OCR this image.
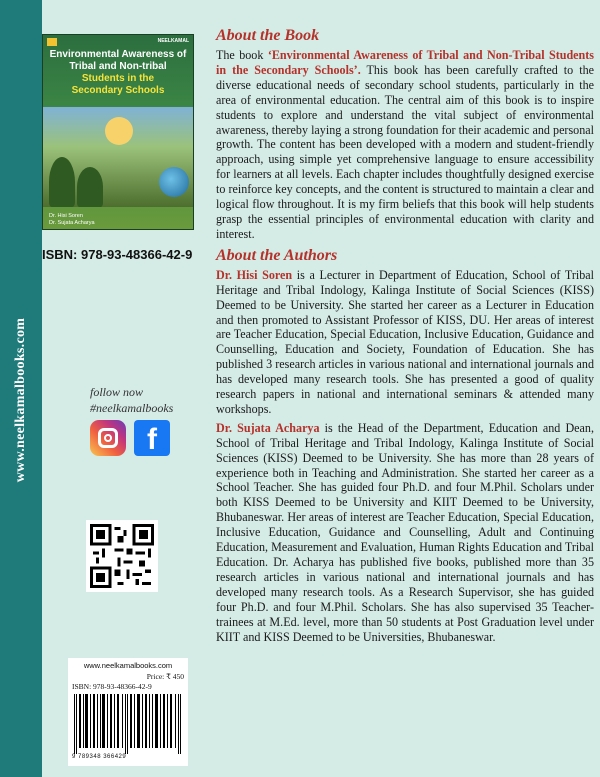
www.neelkamalbooks.com
NEELKAMAL
Environmental Awareness of
Tribal and Non-tribal
Students in the
Secondary Schools
Dr. Hisi Soren
Dr. Sujata Acharya
ISBN: 978-93-48366-42-9
follow now
#neelkamalbooks
f
www.neelkamalbooks.com
Price: ₹ 450
ISBN: 978-93-48366-42-9
9 789348 366429
About the Book

The book ‘Environmental Awareness of Tribal and Non-Tribal Students in the Secondary Schools’. This book has been carefully crafted to the diverse educational needs of secondary school students, particularly in the area of environmental education. The central aim of this book is to inspire students to explore and understand the vital subject of environmental awareness, thereby laying a strong foundation for their academic and personal growth. The content has been developed with a modern and student-friendly approach, using simple yet comprehensive language to ensure accessibility for learners at all levels. Each chapter includes thoughtfully designed exercise to reinforce key concepts, and the content is structured to maintain a clear and logical flow throughout. It is my firm beliefs that this book will help students grasp the essential principles of environmental education with clarity and interest.

About the Authors

Dr. Hisi Soren is a Lecturer in Department of Education, School of Tribal Heritage and Tribal Indology, Kalinga Institute of Social Sciences (KISS) Deemed to be University. She started her career as a Lecturer in Education and then promoted to Assistant Professor of KISS, DU. Her areas of interest are Teacher Education, Special Education, Inclusive Education, Guidance and Counselling, Education and Society, Foundation of Education. She has published 3 research articles in various national and international journals and has developed many research tools. She has presented a good of quality research papers in national and international seminars & attended many workshops.

Dr. Sujata Acharya is the Head of the Department, Education and Dean, School of Tribal Heritage and Tribal Indology, Kalinga Institute of Social Sciences (KISS) Deemed to be University. She has more than 28 years of experience both in Teaching and Administration. She started her career as a School Teacher. She has guided four Ph.D. and four M.Phil. Scholars under both KISS Deemed to be University and KIIT Deemed to be University, Bhubaneswar. Her areas of interest are Teacher Education, Special Education, Inclusive Education, Guidance and Counselling, Adult and Continuing Education, Measurement and Evaluation, Human Rights Education and Tribal Education. Dr. Acharya has published five books, published more than 35 research articles in various national and international journals and has developed many research tools. As a Research Supervisor, she has guided four Ph.D. and four M.Phil. Scholars. She has also supervised 35 Teacher-trainees at M.Ed. level, more than 50 students at Post Graduation level under KIIT and KISS Deemed to be Universities, Bhubaneswar.
